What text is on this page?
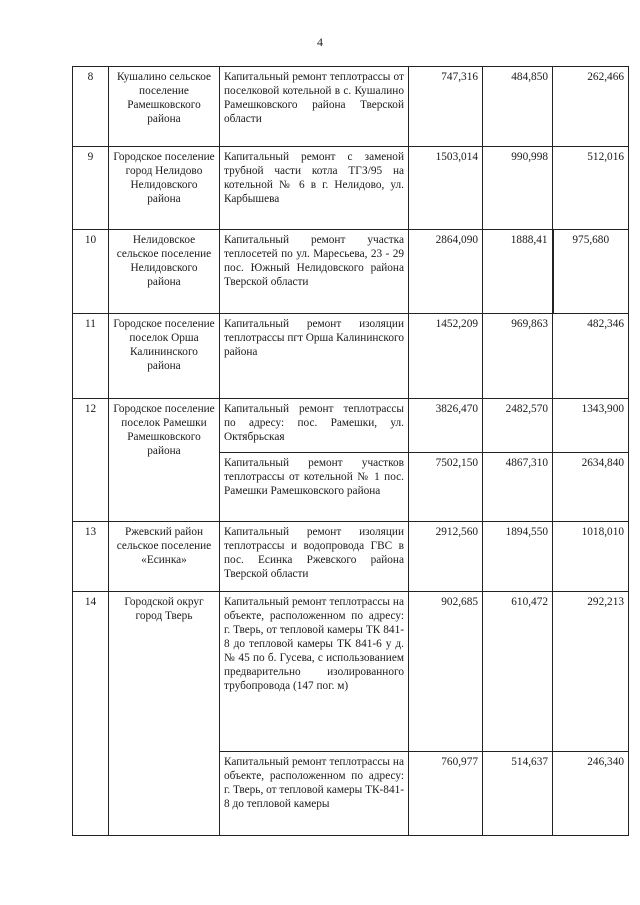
4
8	Кушалино сельское поселение Рамешковского района	Капитальный ремонт теплотрассы от поселковой котельной в с. Кушалино Рамешковского района Тверской области	747,316	484,850	262,466
9	Городское поселение город Нелидово Нелидовского района	Капитальный ремонт с заменой трубной части котла ТГЗ/95 на котельной № 6 в г. Нелидово, ул. Карбышева	1503,014	990,998	512,016
10	Нелидовское сельское поселение Нелидовского района	Капитальный ремонт участка теплосетей по ул. Маресьева, 23 - 29 пос. Южный Нелидовского района Тверской области	2864,090	1888,41	975,680
11	Городское поселение поселок Орша Калининского района	Капитальный ремонт изоляции теплотрассы пгт Орша Калининского района	1452,209	969,863	482,346
12	Городское поселение поселок Рамешки Рамешковского района	Капитальный ремонт теплотрассы по адресу: пос. Рамешки, ул. Октябрьская	3826,470	2482,570	1343,900
		Капитальный ремонт участков теплотрассы от котельной № 1 пос. Рамешки Рамешковского района	7502,150	4867,310	2634,840
13	Ржевский район сельское поселение «Есинка»	Капитальный ремонт изоляции теплотрассы и водопровода ГВС в пос. Есинка Ржевского района Тверской области	2912,560	1894,550	1018,010
14	Городской округ город Тверь	Капитальный ремонт теплотрассы на объекте, расположенном по адресу: г. Тверь, от тепловой камеры ТК 841-8 до тепловой камеры ТК 841-6 у д. № 45 по б. Гусева, с использованием предварительно изолированного трубопровода (147 пог. м)	902,685	610,472	292,213
		Капитальный ремонт теплотрассы на объекте, расположенном по адресу: г. Тверь, от тепловой камеры ТК-841-8 до тепловой камеры	760,977	514,637	246,340
